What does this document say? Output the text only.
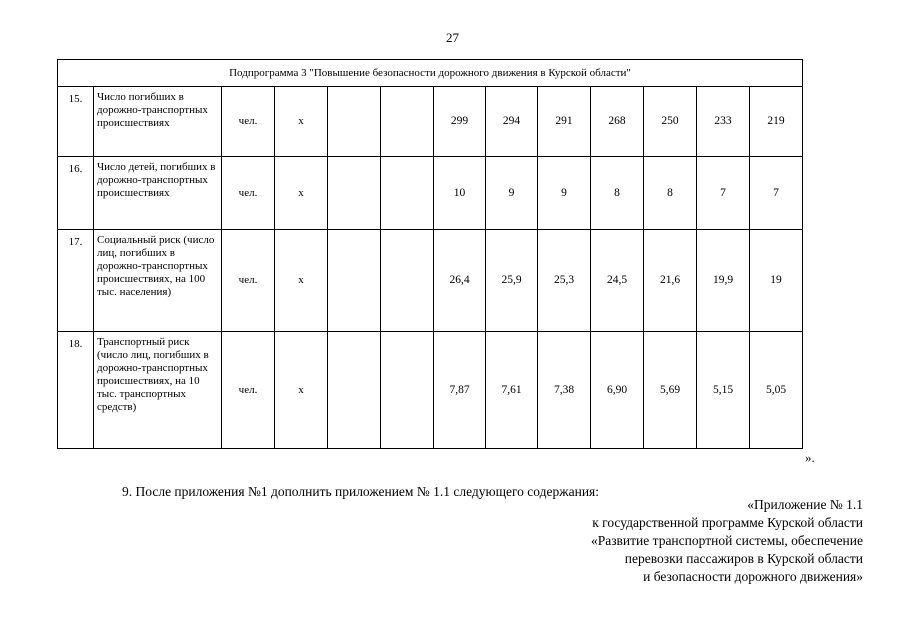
27
Подпрограмма 3 "Повышение безопасности дорожного движения в Курской области"												
15.	Число погибших в дорожно-транспортных происшествиях	чел.	x			299	294	291	268	250	233	219
16.	Число детей, погибших в дорожно-транспортных происшествиях	чел.	x			10	9	9	8	8	7	7
17.	Социальный риск (число лиц, погибших в дорожно-транспортных происшествиях, на 100 тыс. населения)	чел.	x			26,4	25,9	25,3	24,5	21,6	19,9	19
18.	Транспортный риск (число лиц, погибших в дорожно-транспортных происшествиях, на 10 тыс. транспортных средств)	чел.	x			7,87	7,61	7,38	6,90	5,69	5,15	5,05
».
9. После приложения №1 дополнить приложением № 1.1 следующего содержания:
«Приложение № 1.1
к государственной программе Курской области
«Развитие транспортной системы, обеспечение
перевозки пассажиров в Курской области
и безопасности дорожного движения»
